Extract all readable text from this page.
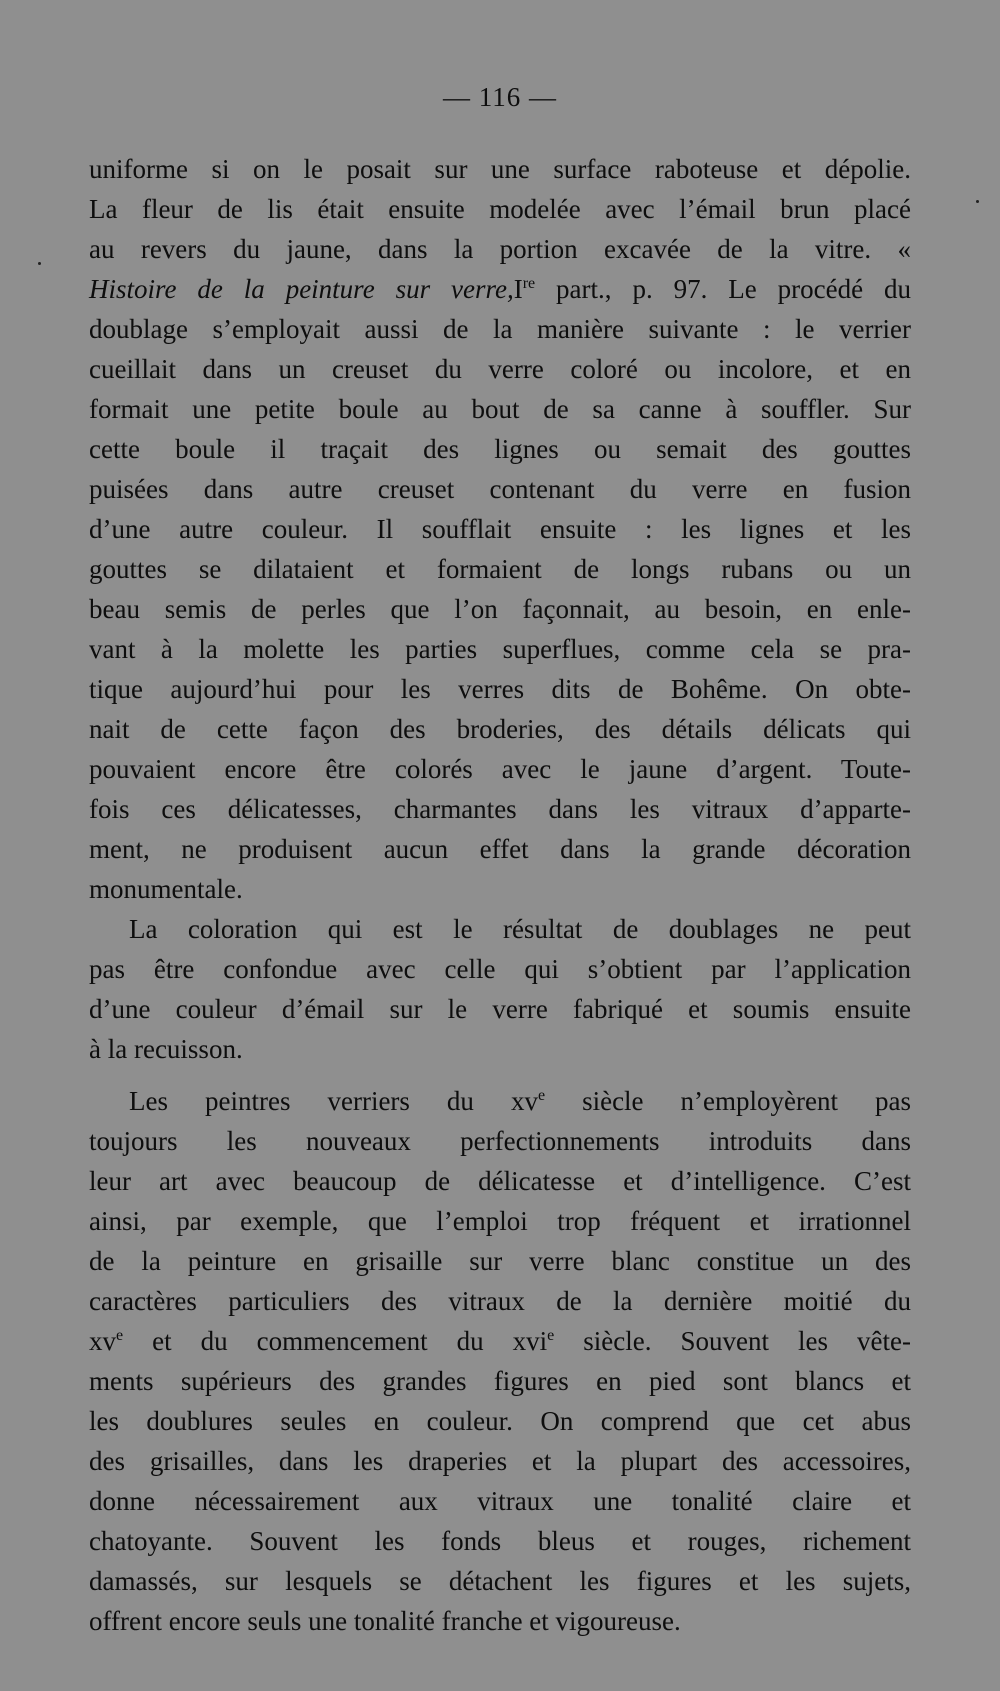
— 116 —
uniforme si on le posait sur une surface raboteuse et dépolie.
La fleur de lis était ensuite modelée avec l’émail brun placé
au revers du jaune, dans la portion excavée de la vitre. «
Histoire de la peinture sur verre,Ire part., p. 97. Le procédé du
doublage s’employait aussi de la manière suivante : le verrier
cueillait dans un creuset du verre coloré ou incolore, et en
formait une petite boule au bout de sa canne à souffler. Sur
cette boule il traçait des lignes ou semait des gouttes
puisées dans autre creuset contenant du verre en fusion
d’une autre couleur. Il soufflait ensuite : les lignes et les
gouttes se dilataient et formaient de longs rubans ou un
beau semis de perles que l’on façonnait, au besoin, en enle-
vant à la molette les parties superflues, comme cela se pra-
tique aujourd’hui pour les verres dits de Bohême. On obte-
nait de cette façon des broderies, des détails délicats qui
pouvaient encore être colorés avec le jaune d’argent. Toute-
fois ces délicatesses, charmantes dans les vitraux d’apparte-
ment, ne produisent aucun effet dans la grande décoration
monumentale.
La coloration qui est le résultat de doublages ne peut
pas être confondue avec celle qui s’obtient par l’application
d’une couleur d’émail sur le verre fabriqué et soumis ensuite
à la recuisson.
Les peintres verriers du $xv^e$ siècle n’employèrent pas
toujours les nouveaux perfectionnements introduits dans
leur art avec beaucoup de délicatesse et d’intelligence. C’est
ainsi, par exemple, que l’emploi trop fréquent et irrationnel
de la peinture en grisaille sur verre blanc constitue un des
caractères particuliers des vitraux de la dernière moitié du
$xv^e$ et du commencement du xvi$^e$ siècle. Souvent les vête-
ments supérieurs des grandes figures en pied sont blancs et
les doublures seules en couleur. On comprend que cet abus
des grisailles, dans les draperies et la plupart des accessoires,
donne nécessairement aux vitraux une tonalité claire et
chatoyante. Souvent les fonds bleus et rouges, richement
damassés, sur lesquels se détachent les figures et les sujets,
offrent encore seuls une tonalité franche et vigoureuse.
